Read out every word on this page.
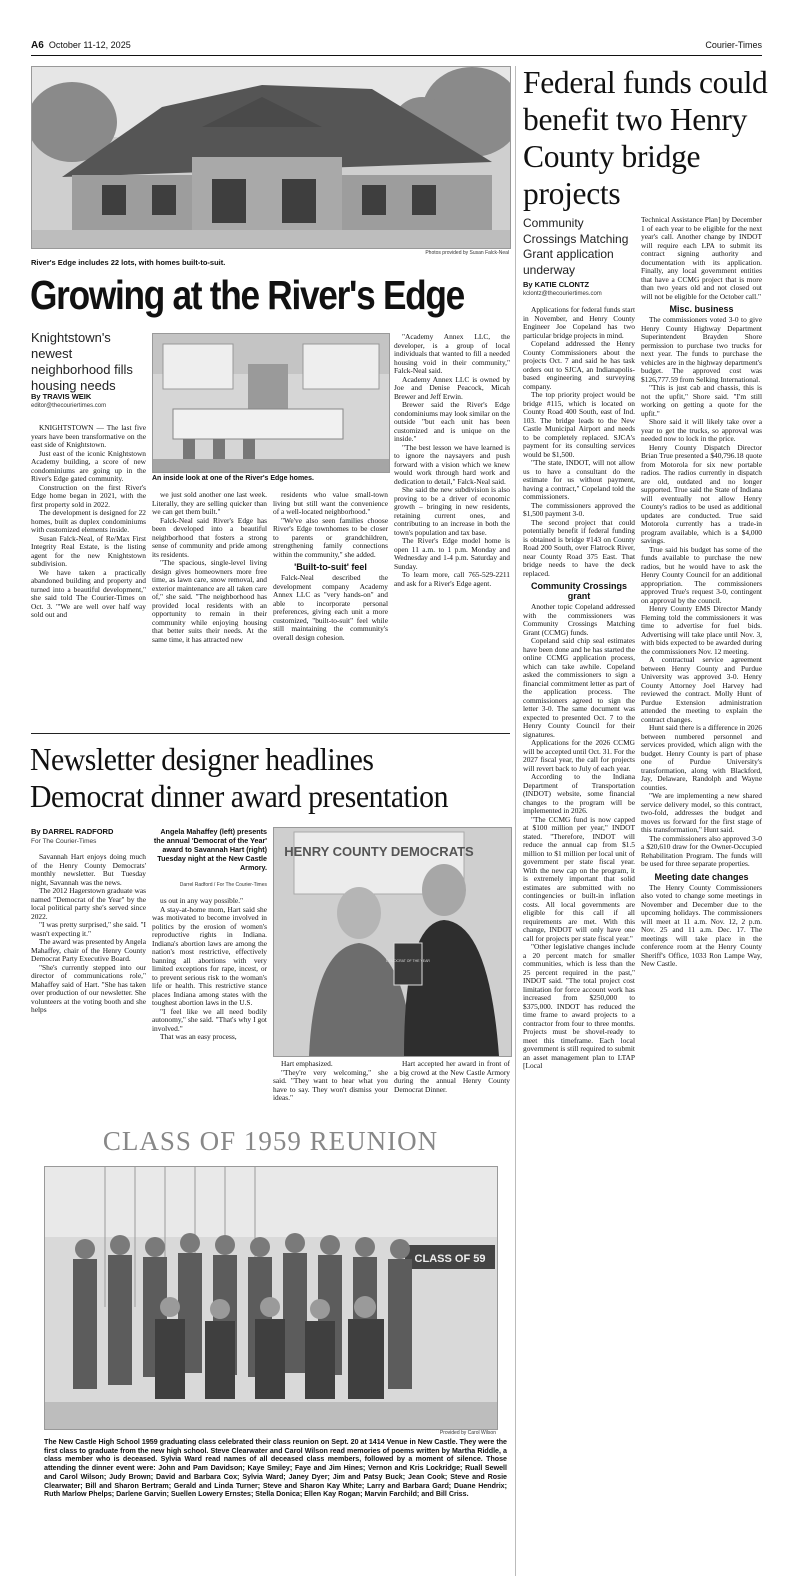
A6 October 11-12, 2025	Courier-Times
Photos provided by Susan Falck-Neal
River's Edge includes 22 lots, with homes built-to-suit.
Growing at the River's Edge
Knightstown's newest neighborhood fills housing needs
By TRAVIS WEIK
editor@thecouriertimes.com
An inside look at one of the River's Edge homes.

KNIGHTSTOWN — The last five years have been transformative on the east side of Knightstown.

Just east of the iconic Knightstown Academy building, a score of new condominiums are going up in the River's Edge gated community.

Construction on the first River's Edge home began in 2021, with the first property sold in 2022.

The development is designed for 22 homes, built as duplex condominiums with customized elements inside.

Susan Falck-Neal, of Re/Max First Integrity Real Estate, is the listing agent for the new Knightstown subdivision.

We have taken a practically abandoned building and property and turned into a beautiful development," she said told The Courier-Times on Oct. 3. "'We are well over half way sold out and

we just sold another one last week. Literally, they are selling quicker than we can get them built."

Falck-Neal said River's Edge has been developed into a beautiful neighborhood that fosters a strong sense of community and pride among its residents.

"The spacious, single-level living design gives homeowners more free time, as lawn care, snow removal, and exterior maintenance are all taken care of," she said. "The neighborhood has provided local residents with an opportunity to remain in their community while enjoying housing that better suits their needs. At the same time, it has attracted new

residents who value small-town living but still want the convenience of a well-located neighborhood."

"We've also seen families choose River's Edge townhomes to be closer to parents or grandchildren, strengthening family connections within the community," she added.

'Built-to-suit' feel

Falck-Neal described the development company Academy Annex LLC as "very hands-on" and able to incorporate personal preferences, giving each unit a more customized, "built-to-suit" feel while still maintaining the community's overall design cohesion.

"Academy Annex LLC, the developer, is a group of local individuals that wanted to fill a needed housing void in their community," Falck-Neal said.

Academy Annex LLC is owned by Joe and Denise Peacock, Micah Brewer and Jeff Erwin.

Brewer said the River's Edge condominiums may look similar on the outside "but each unit has been customized and is unique on the inside."

"The best lesson we have learned is to ignore the naysayers and push forward with a vision which we knew would work through hard work and dedication to detail," Falck-Neal said.

She said the new subdivision is also proving to be a driver of economic growth – bringing in new residents, retaining current ones, and contributing to an increase in both the town's population and tax base.

The River's Edge model home is open 11 a.m. to 1 p.m. Monday and Wednesday and 1-4 p.m. Saturday and Sunday.

To learn more, call 765-529-2211 and ask for a River's Edge agent.

Newsletter designer headlines Democrat dinner award presentation
By DARREL RADFORD
For The Courier-Times
Angela Mahaffey (left) presents the annual 'Democrat of the Year' award to Savannah Hart (right) Tuesday night at the New Castle Armory.
Darrel Radford / For The Courier-Times
HENRY COUNTY DEMOCRATS
DEMOCRAT OF THE YEAR

Savannah Hart enjoys doing much of the Henry County Democrats' monthly newsletter. But Tuesday night, Savannah was the news.

The 2012 Hagerstown graduate was named "Democrat of the Year" by the local political party she's served since 2022.

"I was pretty surprised," she said. "I wasn't expecting it."

The award was presented by Angela Mahaffey, chair of the Henry County Democrat Party Executive Board.

"She's currently stepped into our director of communications role," Mahaffey said of Hart. "She has taken over production of our newsletter. She volunteers at the voting booth and she helps

us out in any way possible."

A stay-at-home mom, Hart said she was motivated to become involved in politics by the erosion of women's reproductive rights in Indiana. Indiana's abortion laws are among the nation's most restrictive, effectively banning all abortions with very limited exceptions for rape, incest, or to prevent serious risk to the woman's life or health. This restrictive stance places Indiana among states with the toughest abortion laws in the U.S.

"I feel like we all need bodily autonomy," she said. "That's why I got involved."

That was an easy process,

Hart emphasized.

"They're very welcoming," she said. "They want to hear what you have to say. They won't dismiss your ideas."

Hart accepted her award in front of a big crowd at the New Castle Armory during the annual Henry County Democrat Dinner.

CLASS OF 1959 REUNION
CLASS OF 59
Provided by Carol Wilson
The New Castle High School 1959 graduating class celebrated their class reunion on Sept. 20 at 1414 Venue in New Castle. They were the first class to graduate from the new high school. Steve Clearwater and Carol Wilson read memories of poems written by Martha Riddle, a class member who is deceased. Sylvia Ward read names of all deceased class members, followed by a moment of silence. Those attending the dinner event were: John and Pam Davidson; Kaye Smiley; Faye and Jim Hines; Vernon and Kris Lockridge; Ruall Sewell and Carol Wilson; Judy Brown; David and Barbara Cox; Sylvia Ward; Janey Dyer; Jim and Patsy Buck; Jean Cook; Steve and Rosie Clearwater; Bill and Sharon Bertram; Gerald and Linda Turner; Steve and Sharon Kay White; Larry and Barbara Gard; Duane Hendrix; Ruth Marlow Phelps; Darlene Garvin; Suellen Lowery Ernstes; Stella Donica; Ellen Kay Rogan; Marvin Farchild; and Bill Criss.
Federal funds could benefit two Henry County bridge projects
Community Crossings Matching Grant application underway
By KATIE CLONTZ
kclontz@thecouriertimes.com

Applications for federal funds start in November, and Henry County Engineer Joe Copeland has two particular bridge projects in mind.

Copeland addressed the Henry County Commissioners about the projects Oct. 7 and said he has task orders out to SJCA, an Indianapolis-based engineering and surveying company.

The top priority project would be bridge #115, which is located on County Road 400 South, east of Ind. 103. The bridge leads to the New Castle Municipal Airport and needs to be completely replaced. SJCA's payment for its consulting services would be $1,500.

"The state, INDOT, will not allow us to have a consultant do the estimate for us without payment, having a contract," Copeland told the commissioners.

The commissioners approved the $1,500 payment 3-0.

The second project that could potentially benefit if federal funding is obtained is bridge #143 on County Road 200 South, over Flatrock River, near County Road 375 East. That bridge needs to have the deck replaced.

Community Crossings grant

Another topic Copeland addressed with the commissioners was Community Crossings Matching Grant (CCMG) funds.

Copeland said chip seal estimates have been done and he has started the online CCMG application process, which can take awhile. Copeland asked the commissioners to sign a financial commitment letter as part of the application process. The commissioners agreed to sign the letter 3-0. The same document was expected to presented Oct. 7 to the Henry County Council for their signatures.

Applications for the 2026 CCMG will be accepted until Oct. 31. For the 2027 fiscal year, the call for projects will revert back to July of each year.

According to the Indiana Department of Transportation (INDOT) website, some financial changes to the program will be implemented in 2026.

"The CCMG fund is now capped at $100 million per year," INDOT stated. "Therefore, INDOT will reduce the annual cap from $1.5 million to $1 million per local unit of government per state fiscal year. With the new cap on the program, it is extremely important that solid estimates are submitted with no contingencies or built-in inflation costs. All local governments are eligible for this call if all requirements are met. With this change, INDOT will only have one call for projects per state fiscal year."

"Other legislative changes include a 20 percent match for smaller communities, which is less than the 25 percent required in the past," INDOT said. "The total project cost limitation for force account work has increased from $250,000 to $375,000. INDOT has reduced the time frame to award projects to a contractor from four to three months. Projects must be shovel-ready to meet this timeframe. Each local government is still required to submit an asset management plan to LTAP [Local

Technical Assistance Plan] by December 1 of each year to be eligible for the next year's call. Another change by INDOT will require each LPA to submit its contract signing authority and documentation with its application. Finally, any local government entities that have a CCMG project that is more than two years old and not closed out will not be eligible for the October call."

Misc. business

The commissioners voted 3-0 to give Henry County Highway Department Superintendent Brayden Shore permission to purchase two trucks for next year. The funds to purchase the vehicles are in the highway department's budget. The approved cost was $126,777.59 from Selking International.

"This is just cab and chassis, this is not the upfit," Shore said. "I'm still working on getting a quote for the upfit."

Shore said it will likely take over a year to get the trucks, so approval was needed now to lock in the price.

Henry County Dispatch Director Brian True presented a $40,796.18 quote from Motorola for six new portable radios. The radios currently in dispatch are old, outdated and no longer supported. True said the State of Indiana will eventually not allow Henry County's radios to be used as additional updates are conducted. True said Motorola currently has a trade-in program available, which is a $4,000 savings.

True said his budget has some of the funds available to purchase the new radios, but he would have to ask the Henry County Council for an additional appropriation. The commissioners approved True's request 3-0, contingent on approval by the council.

Henry County EMS Director Mandy Fleming told the commissioners it was time to advertise for fuel bids. Advertising will take place until Nov. 3, with bids expected to be awarded during the commissioners Nov. 12 meeting.

A contractual service agreement between Henry County and Purdue University was approved 3-0. Henry County Attorney Joel Harvey had reviewed the contract. Molly Hunt of Purdue Extension administration attended the meeting to explain the contract changes.

Hunt said there is a difference in 2026 between numbered personnel and services provided, which align with the budget. Henry County is part of phase one of Purdue University's transformation, along with Blackford, Jay, Delaware, Randolph and Wayne counties.

"We are implementing a new shared service delivery model, so this contract, two-fold, addresses the budget and moves us forward for the first stage of this transformation," Hunt said.

The commissioners also approved 3-0 a $20,610 draw for the Owner-Occupied Rehabilitation Program. The funds will be used for three separate properties.

Meeting date changes

The Henry County Commissioners also voted to change some meetings in November and December due to the upcoming holidays. The commissioners will meet at 11 a.m. Nov. 12, 2 p.m. Nov. 25 and 11 a.m. Dec. 17. The meetings will take place in the conference room at the Henry County Sheriff's Office, 1033 Ron Lampe Way, New Castle.
